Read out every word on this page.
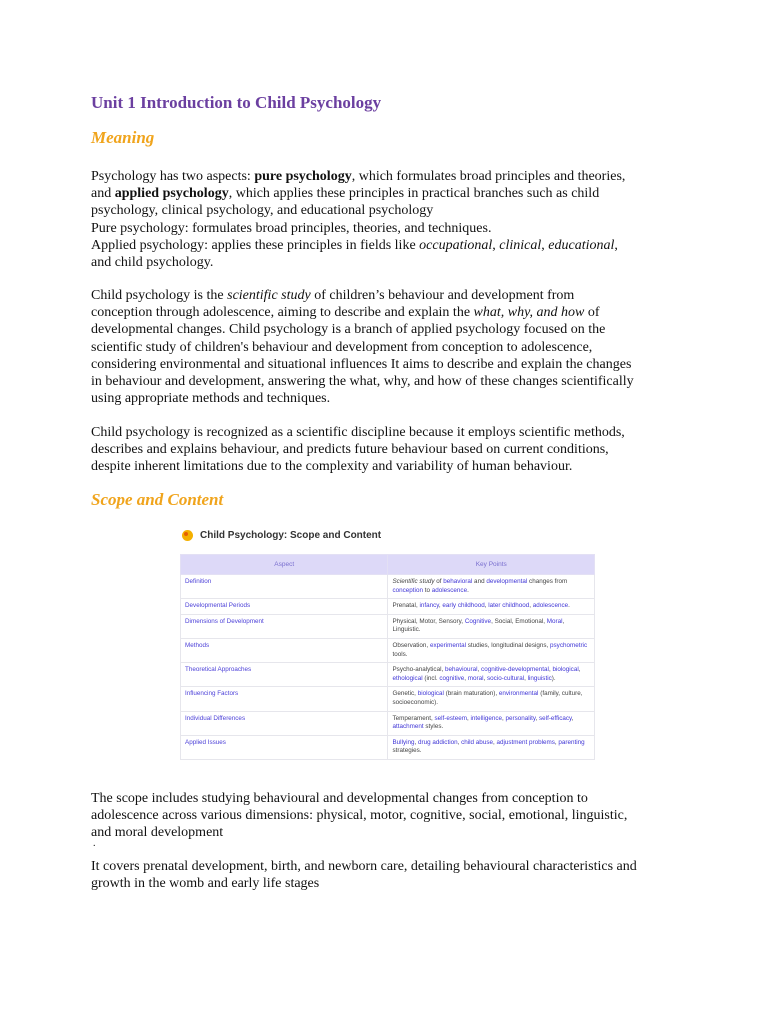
Unit 1 Introduction to Child Psychology
Meaning

Psychology has two aspects: pure psychology, which formulates broad principles and theories,
and applied psychology, which applies these principles in practical branches such as child
psychology, clinical psychology, and educational psychology
Pure psychology: formulates broad principles, theories, and techniques.
Applied psychology: applies these principles in fields like occupational, clinical, educational,
and child psychology.

Child psychology is the scientific study of children’s behaviour and development from
conception through adolescence, aiming to describe and explain the what, why, and how of
developmental changes. Child psychology is a branch of applied psychology focused on the
scientific study of children's behaviour and development from conception to adolescence,
considering environmental and situational influences It aims to describe and explain the changes
in behaviour and development, answering the what, why, and how of these changes scientifically
using appropriate methods and techniques.

Child psychology is recognized as a scientific discipline because it employs scientific methods,
describes and explains behaviour, and predicts future behaviour based on current conditions,
despite inherent limitations due to the complexity and variability of human behaviour.

Scope and Content
Child Psychology: Scope and Content
Aspect	Key Points
Definition	Scientific study of behavioral and developmental changes from conception to adolescence.
Developmental Periods	Prenatal, infancy, early childhood, later childhood, adolescence.
Dimensions of Development	Physical, Motor, Sensory, Cognitive, Social, Emotional, Moral, Linguistic.
Methods	Observation, experimental studies, longitudinal designs, psychometric tools.
Theoretical Approaches	Psycho-analytical, behavioural, cognitive-developmental, biological, ethological (incl. cognitive, moral, socio-cultural, linguistic).
Influencing Factors	Genetic, biological (brain maturation), environmental (family, culture, socioeconomic).
Individual Differences	Temperament, self-esteem, intelligence, personality, self-efficacy, attachment styles.
Applied Issues	Bullying, drug addiction, child abuse, adjustment problems, parenting strategies.

The scope includes studying behavioural and developmental changes from conception to
adolescence across various dimensions: physical, motor, cognitive, social, emotional, linguistic,
and moral development

.

It covers prenatal development, birth, and newborn care, detailing behavioural characteristics and
growth in the womb and early life stages
